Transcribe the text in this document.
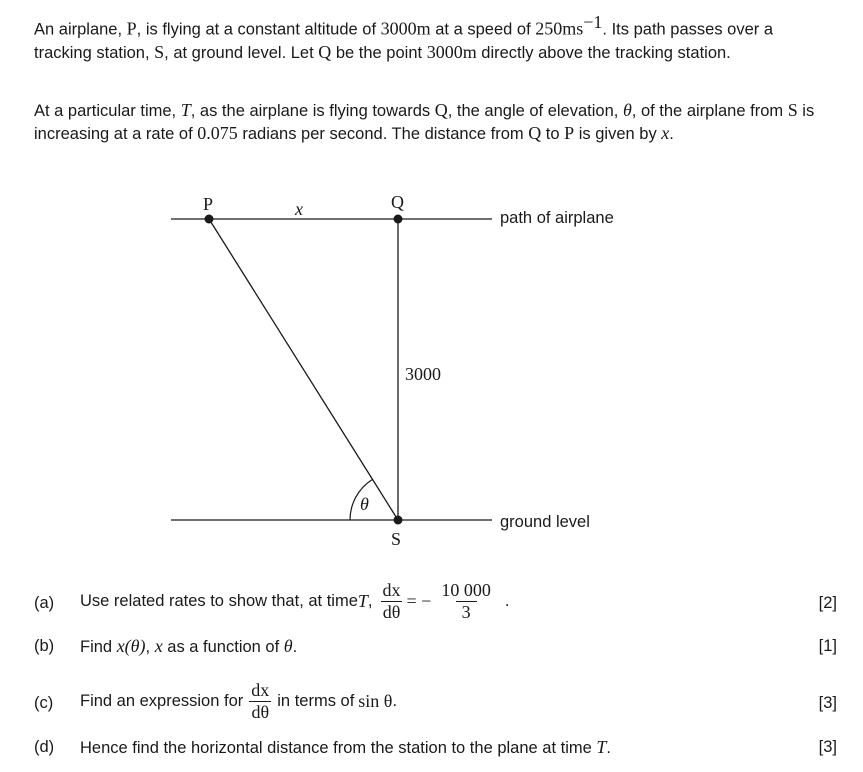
An airplane, P, is flying at a constant altitude of 3000m at a speed of $250ms^{-1}$. Its path passes over a tracking station, S, at ground level. Let Q be the point 3000m directly above the tracking station.

At a particular time, T, as the airplane is flying towards Q, the angle of elevation, θ, of the airplane from S is increasing at a rate of 0.075 radians per second. The distance from Q to P is given by x.

P	x	Q
path of airplane
3000
θ
S
ground level
(a) Use related rates to show that, at time T , $\frac{dx}{d\theta}$ = − $\frac{10 000}{3}$ .	[2]
(b) Find x(θ), x as a function of θ.	[1]
(c) Find an expression for $\frac{dx}{d\theta}$ in terms of sin θ .	[3]
(d) Hence find the horizontal distance from the station to the plane at time T.	[3]
